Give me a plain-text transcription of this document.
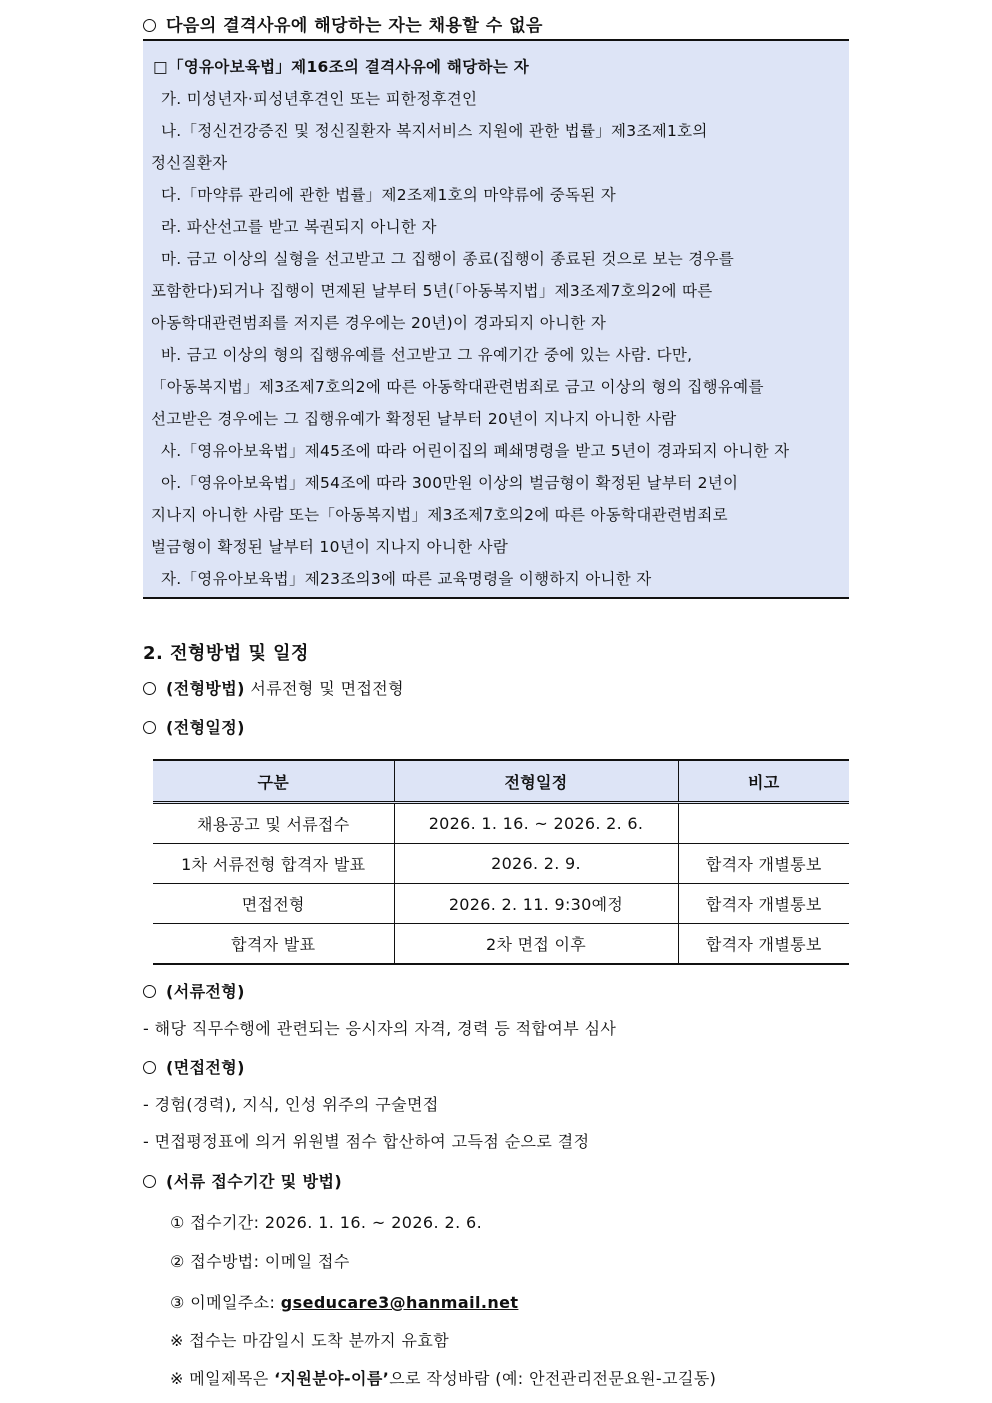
다음의 결격사유에 해당하는 자는 채용할 수 없음
□「영유아보육법」제16조의 결격사유에 해당하는 자
가. 미성년자‧피성년후견인 또는 피한정후견인
나.「정신건강증진 및 정신질환자 복지서비스 지원에 관한 법률」제3조제1호의
정신질환자
다.「마약류 관리에 관한 법률」제2조제1호의 마약류에 중독된 자
라. 파산선고를 받고 복권되지 아니한 자
마. 금고 이상의 실형을 선고받고 그 집행이 종료(집행이 종료된 것으로 보는 경우를
포함한다)되거나 집행이 면제된 날부터 5년(「아동복지법」제3조제7호의2에 따른
아동학대관련범죄를 저지른 경우에는 20년)이 경과되지 아니한 자
바. 금고 이상의 형의 집행유예를 선고받고 그 유예기간 중에 있는 사람. 다만,
「아동복지법」제3조제7호의2에 따른 아동학대관련범죄로 금고 이상의 형의 집행유예를
선고받은 경우에는 그 집행유예가 확정된 날부터 20년이 지나지 아니한 사람
사.「영유아보육법」제45조에 따라 어린이집의 폐쇄명령을 받고 5년이 경과되지 아니한 자
아.「영유아보육법」제54조에 따라 300만원 이상의 벌금형이 확정된 날부터 2년이
지나지 아니한 사람 또는「아동복지법」제3조제7호의2에 따른 아동학대관련범죄로
벌금형이 확정된 날부터 10년이 지나지 아니한 사람
자.「영유아보육법」제23조의3에 따른 교육명령을 이행하지 아니한 자
2. 전형방법 및 일정
(전형방법) 서류전형 및 면접전형
(전형일정)
구분	전형일정	비고
채용공고 및 서류접수	2026. 1. 16. ~ 2026. 2. 6.	
1차 서류전형 합격자 발표	2026. 2. 9.	합격자 개별통보
면접전형	2026. 2. 11. 9:30예정	합격자 개별통보
합격자 발표	2차 면접 이후	합격자 개별통보
(서류전형)
- 해당 직무수행에 관련되는 응시자의 자격, 경력 등 적합여부 심사
(면접전형)
- 경험(경력), 지식, 인성 위주의 구술면접
- 면접평정표에 의거 위원별 점수 합산하여 고득점 순으로 결정
(서류 접수기간 및 방법)
① 접수기간: 2026. 1. 16. ~ 2026. 2. 6.
② 접수방법: 이메일 접수
③ 이메일주소: gseducare3@hanmail.net
※ 접수는 마감일시 도착 분까지 유효함
※ 메일제목은 ‘지원분야-이름’으로 작성바람 (예: 안전관리전문요원-고길동)
